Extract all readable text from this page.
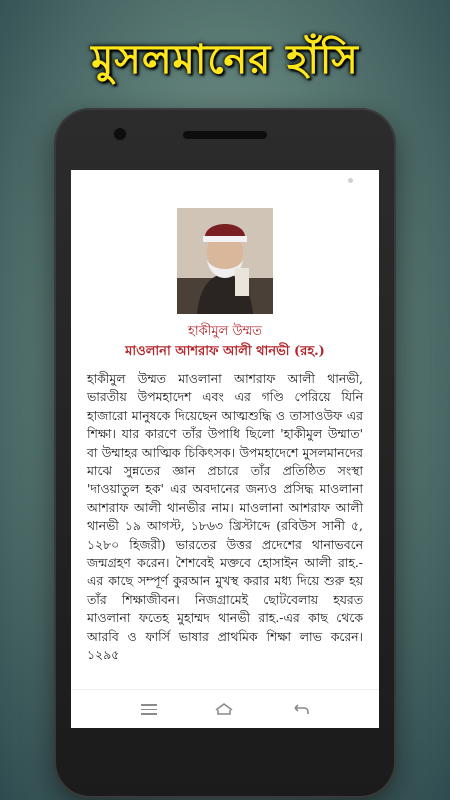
মুসলমানের হাঁসি
হাকীমুল উম্মত
মাওলানা আশরাফ আলী থানভী (রহ.)

হাকীমুল উম্মত মাওলানা আশরাফ আলী থানভী, ভারতীয় উপমহাদেশ এবং এর গণ্ডি পেরিয়ে যিনি হাজারো মানুষকে দিয়েছেন আত্মশুদ্ধি ও তাসাওউফ এর শিক্ষা। যার কারণে তাঁর উপাধি ছিলো 'হাকীমুল উম্মাত' বা উম্মাহর আত্মিক চিকিৎসক। উপমহাদেশে মুসলমানদের মাঝে সুন্নতের জ্ঞান প্রচারে তাঁর প্রতিষ্ঠিত সংস্থা 'দাওয়াতুল হক' এর অবদানের জন্যও প্রসিদ্ধ মাওলানা আশরাফ আলী থানভীর নাম। মাওলানা আশরাফ আলী থানভী ১৯ আগস্ট, ১৮৬৩ খ্রিস্টাব্দে (রবিউস সানী ৫, ১২৮০ হিজরী) ভারতের উত্তর প্রদেশের থানাভবনে জন্মগ্রহণ করেন। শৈশবেই মক্তবে হোসাইন আলী রাহ.-এর কাছে সম্পূর্ণ কুরআন মুখস্থ করার মধ্য দিয়ে শুরু হয় তাঁর শিক্ষাজীবন। নিজগ্রামেই ছোটবেলায় হযরত মাওলানা ফতেহ মুহাম্মদ থানভী রাহ.-এর কাছ থেকে আরবি ও ফার্সি ভাষার প্রাথমিক শিক্ষা লাভ করেন। ১২৯৫
